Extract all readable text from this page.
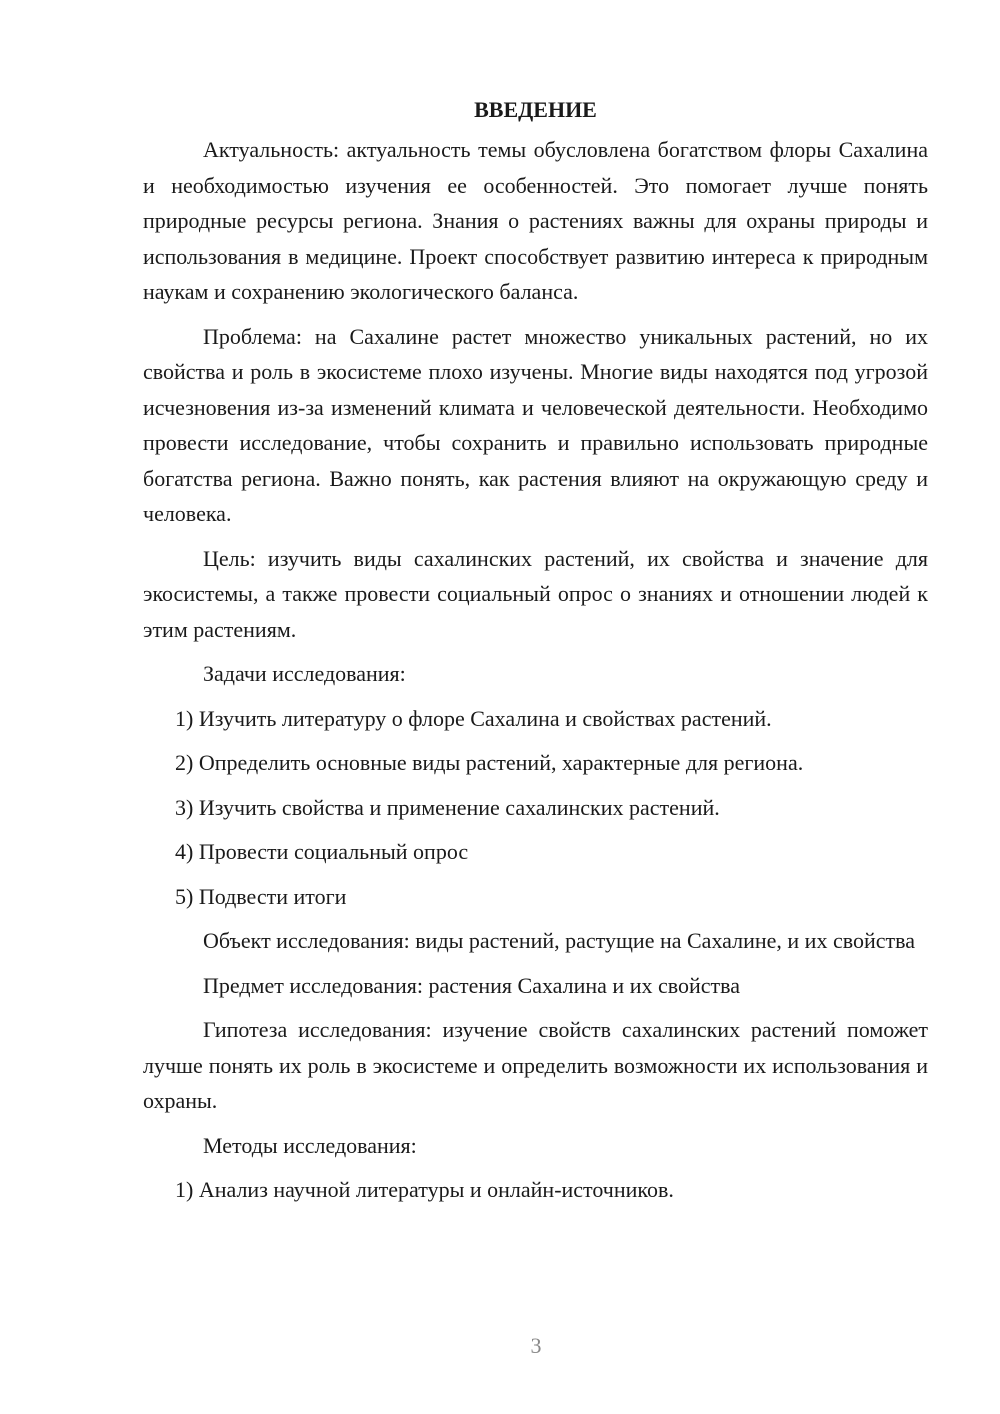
ВВЕДЕНИЕ

Актуальность: актуальность темы обусловлена богатством флоры Сахалина и необходимостью изучения ее особенностей. Это помогает лучше понять природные ресурсы региона. Знания о растениях важны для охраны природы и использования в медицине. Проект способствует развитию интереса к природным наукам и сохранению экологического баланса.

Проблема: на Сахалине растет множество уникальных растений, но их свойства и роль в экосистеме плохо изучены. Многие виды находятся под угрозой исчезновения из-за изменений климата и человеческой деятельности. Необходимо провести исследование, чтобы сохранить и правильно использовать природные богатства региона. Важно понять, как растения влияют на окружающую среду и человека.

Цель: изучить виды сахалинских растений, их свойства и значение для экосистемы, а также провести социальный опрос о знаниях и отношении людей к этим растениям.

Задачи исследования:

1) Изучить литературу о флоре Сахалина и свойствах растений.

2) Определить основные виды растений, характерные для региона.

3) Изучить свойства и применение сахалинских растений.

4) Провести социальный опрос

5) Подвести итоги

Объект исследования: виды растений, растущие на Сахалине, и их свойства

Предмет исследования: растения Сахалина и их свойства

Гипотеза исследования: изучение свойств сахалинских растений поможет лучше понять их роль в экосистеме и определить возможности их использования и охраны.

Методы исследования:

1) Анализ научной литературы и онлайн-источников.

3
